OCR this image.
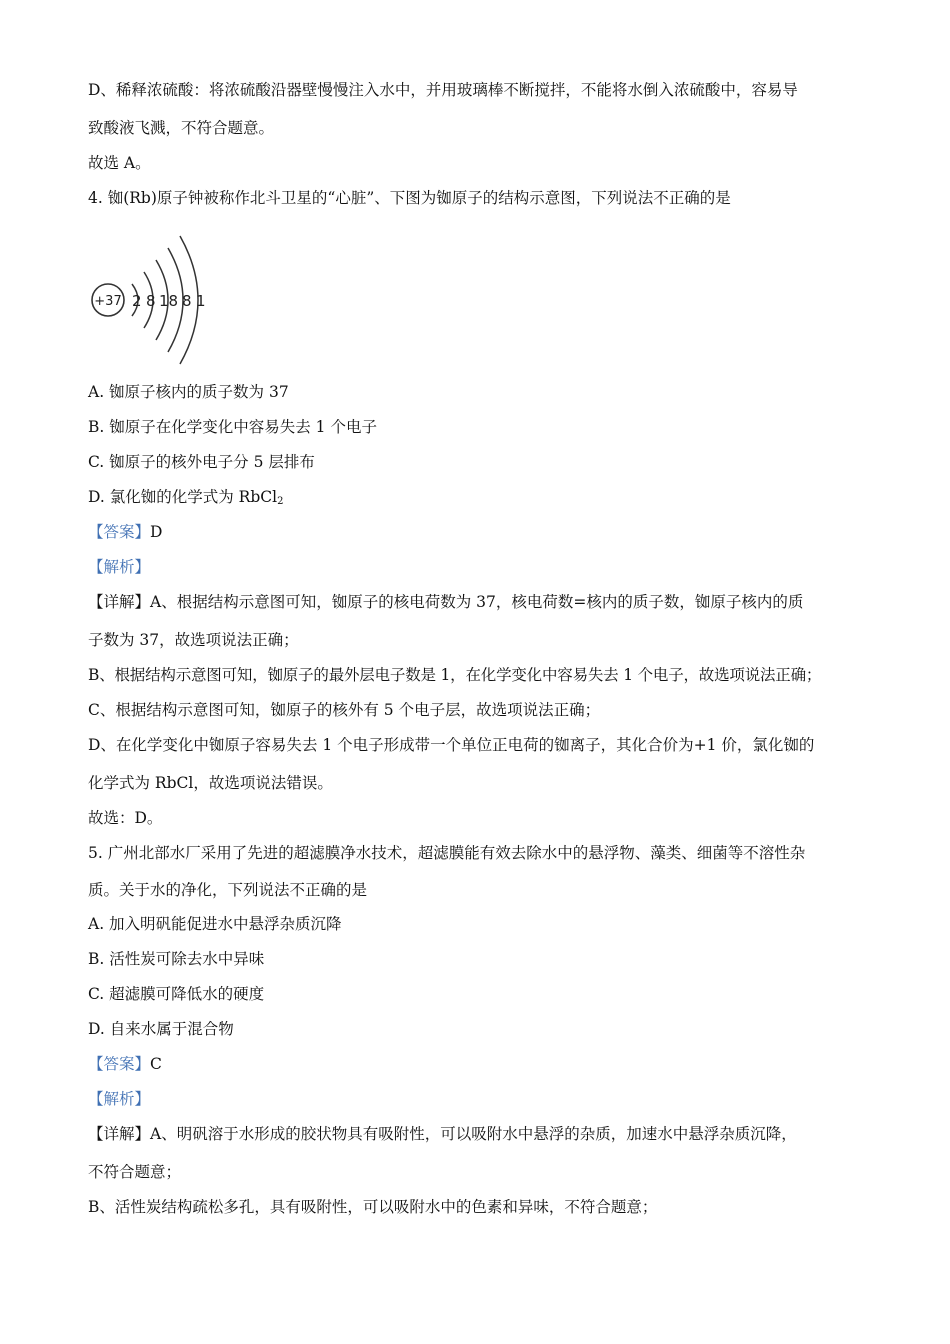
D、稀释浓硫酸：将浓硫酸沿器壁慢慢注入水中，并用玻璃棒不断搅拌，不能将水倒入浓硫酸中，容易导
致酸液飞溅，不符合题意。
故选 A。
4. 铷(Rb)原子钟被称作北斗卫星的“心脏”、下图为铷原子的结构示意图，下列说法不正确的是
+37 2 8 18 8 1
A. 铷原子核内的质子数为 37
B. 铷原子在化学变化中容易失去 1 个电子
C. 铷原子的核外电子分 5 层排布
D. 氯化铷的化学式为 RbCl$_2$
【答案】D
【解析】
【详解】A、根据结构示意图可知，铷原子的核电荷数为 37，核电荷数=核内的质子数，铷原子核内的质
子数为 37，故选项说法正确；
B、根据结构示意图可知，铷原子的最外层电子数是 1，在化学变化中容易失去 1 个电子，故选项说法正确；
C、根据结构示意图可知，铷原子的核外有 5 个电子层，故选项说法正确；
D、在化学变化中铷原子容易失去 1 个电子形成带一个单位正电荷的铷离子，其化合价为+1 价，氯化铷的
化学式为 RbCl，故选项说法错误。
故选：D。
5. 广州北部水厂采用了先进的超滤膜净水技术，超滤膜能有效去除水中的悬浮物、藻类、细菌等不溶性杂
质。关于水的净化，下列说法不正确的是
A. 加入明矾能促进水中悬浮杂质沉降
B. 活性炭可除去水中异味
C. 超滤膜可降低水的硬度
D. 自来水属于混合物
【答案】C
【解析】
【详解】A、明矾溶于水形成的胶状物具有吸附性，可以吸附水中悬浮的杂质，加速水中悬浮杂质沉降，
不符合题意；
B、活性炭结构疏松多孔，具有吸附性，可以吸附水中的色素和异味，不符合题意；
